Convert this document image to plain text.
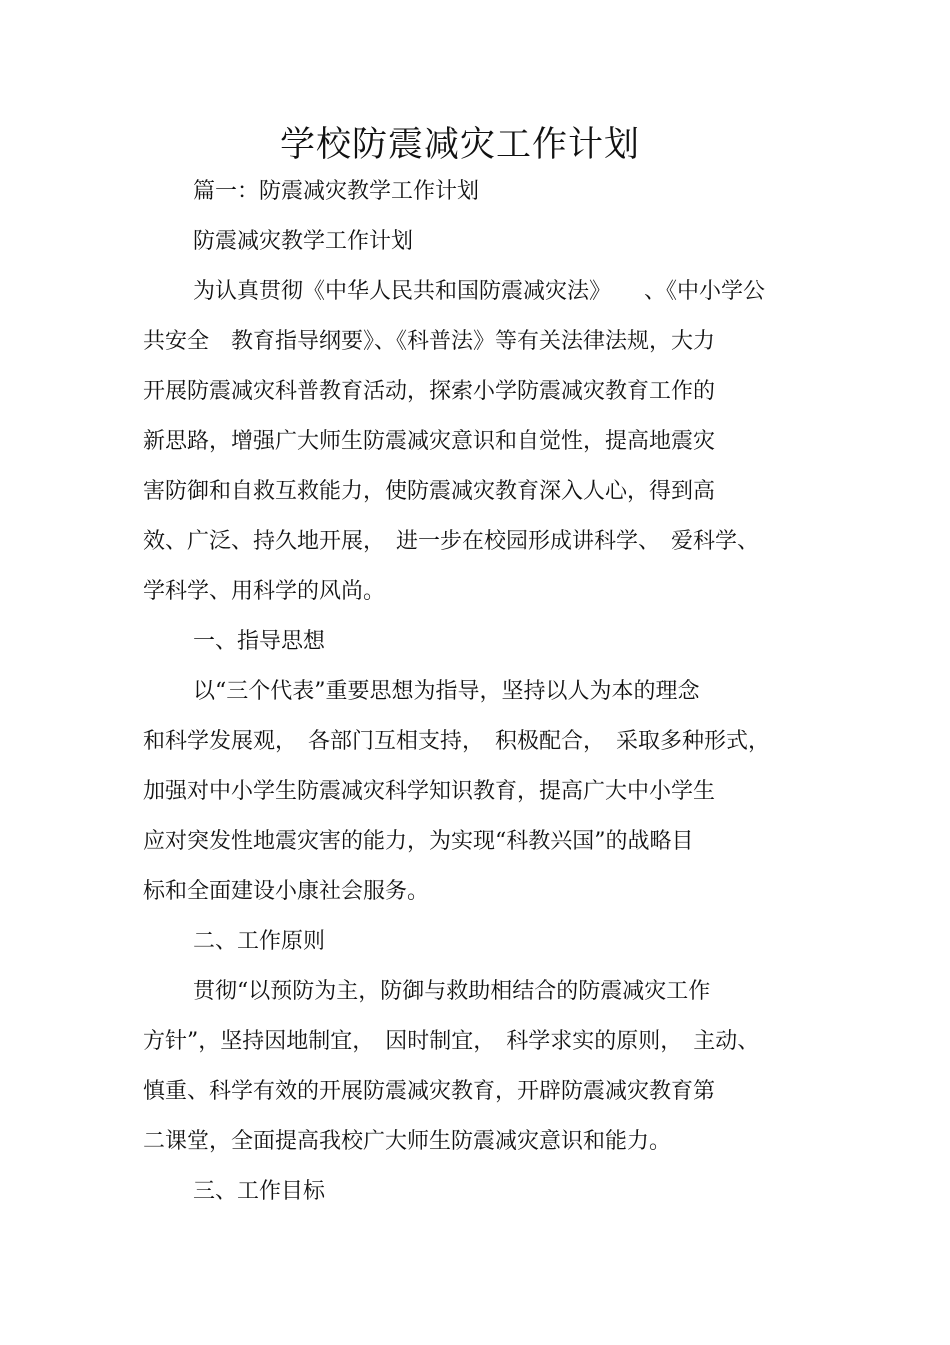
学校防震减灾工作计划
篇一：防震减灾教学工作计划
防震减灾教学工作计划
为认真贯彻《中华人民共和国防震减灾法》　　、《中小学公
共安全　教育指导纲要》、《科普法》等有关法律法规，大力
开展防震减灾科普教育活动，探索小学防震减灾教育工作的
新思路，增强广大师生防震减灾意识和自觉性，提高地震灾
害防御和自救互救能力，使防震减灾教育深入人心，得到高
效、广泛、持久地开展，　进一步在校园形成讲科学、　爱科学、
学科学、用科学的风尚。
一、指导思想
以“三个代表”重要思想为指导，坚持以人为本的理念
和科学发展观，　各部门互相支持，　积极配合，　采取多种形式，
加强对中小学生防震减灾科学知识教育，提高广大中小学生
应对突发性地震灾害的能力，为实现“科教兴国”的战略目
标和全面建设小康社会服务。
二、工作原则
贯彻“以预防为主，防御与救助相结合的防震减灾工作
方针”，坚持因地制宜，　因时制宜，　科学求实的原则，　主动、
慎重、科学有效的开展防震减灾教育，开辟防震减灾教育第
二课堂，全面提高我校广大师生防震减灾意识和能力。
三、工作目标
